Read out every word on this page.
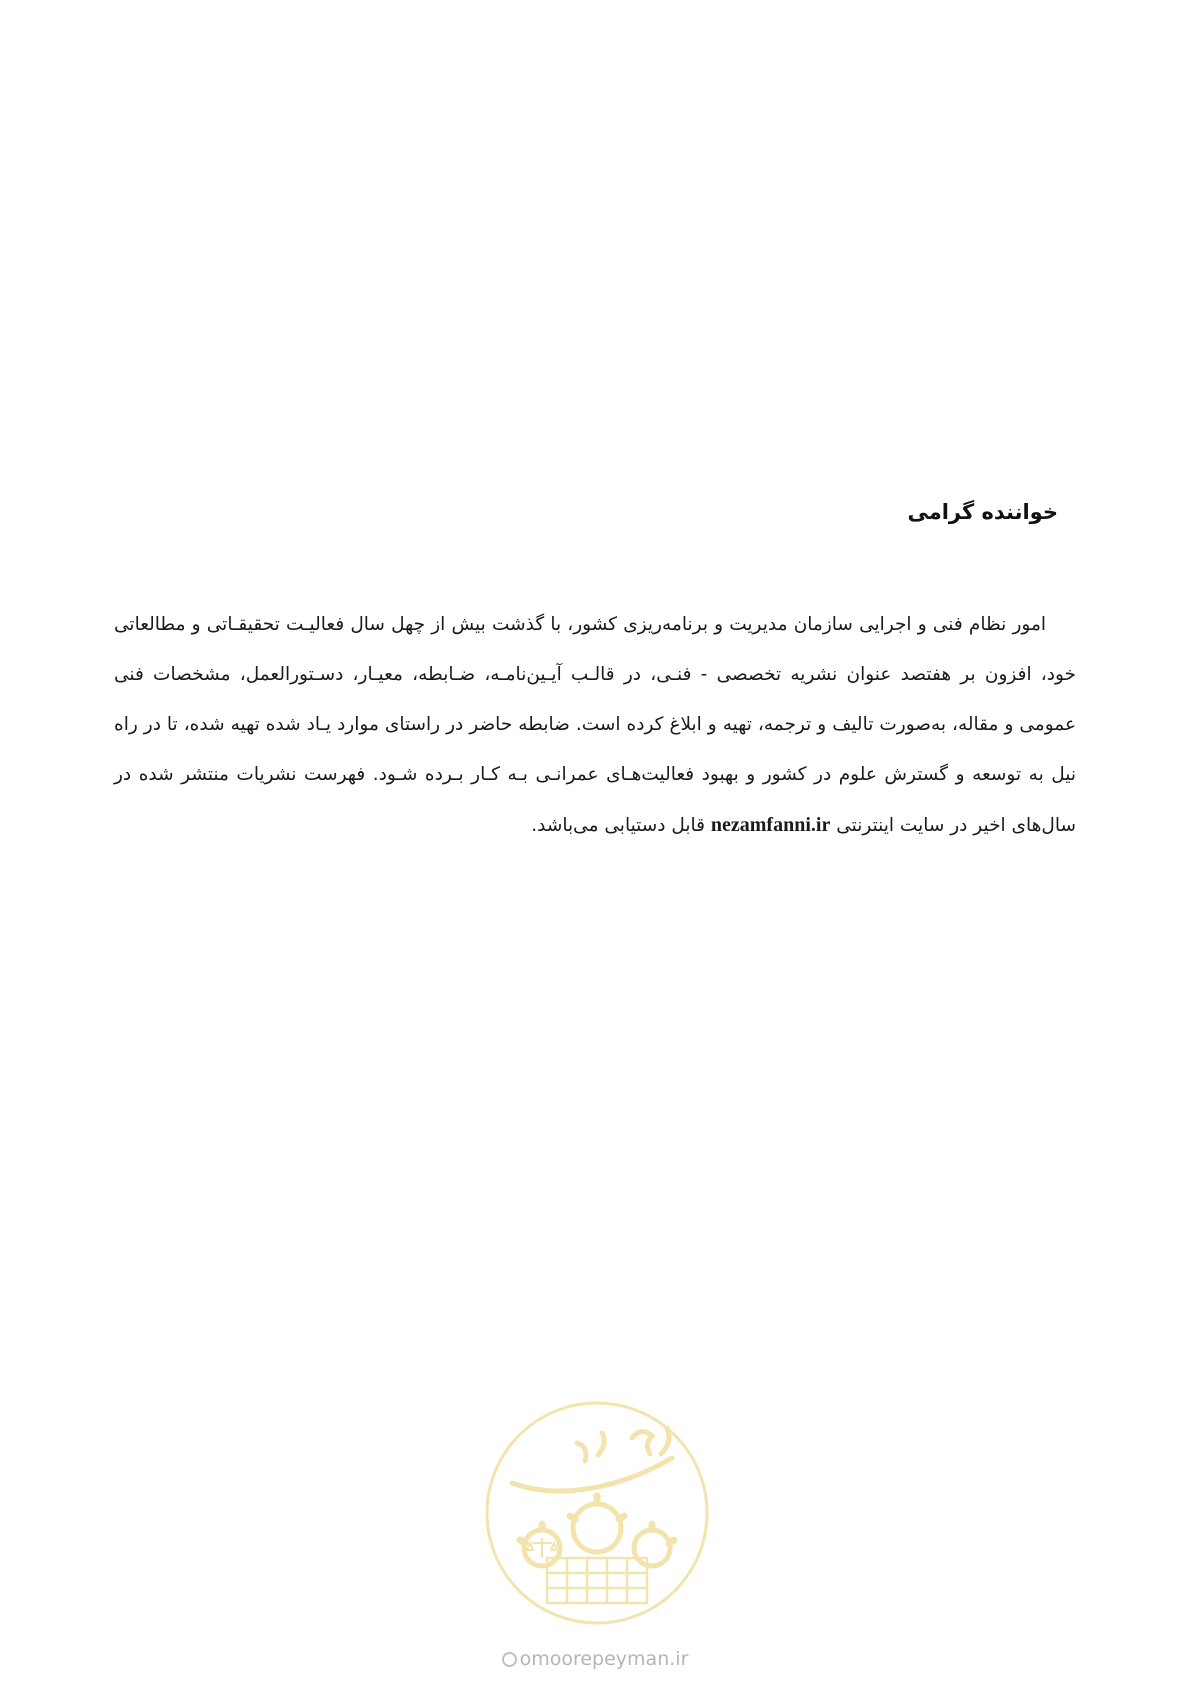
خواننده گرامی

امور نظام فنی و اجرایی سازمان مدیریت و برنامه‌ریزی کشور، با گذشت بیش از چهل سال فعالیـت تحقیقـاتی و مطالعاتی خود، افزون بر هفتصد عنوان نشریه تخصصی - فنـی، در قالـب آیـین‌نامـه، ضـابطه، معیـار، دسـتورالعمل، مشخصات فنی عمومی و مقاله، به‌صورت تالیف و ترجمه، تهیه و ابلاغ کرده است. ضابطه حاضر در راستای موارد یـاد شده تهیه شده، تا در راه نیل به توسعه و گسترش علوم در کشور و بهبود فعالیت‌هـای عمرانـی بـه کـار بـرده شـود. فهرست نشریات منتشر شده در سال‌های اخیر در سایت اینترنتی nezamfanni.ir قابل دستیابی می‌باشد.

omoorepeyman.ir
